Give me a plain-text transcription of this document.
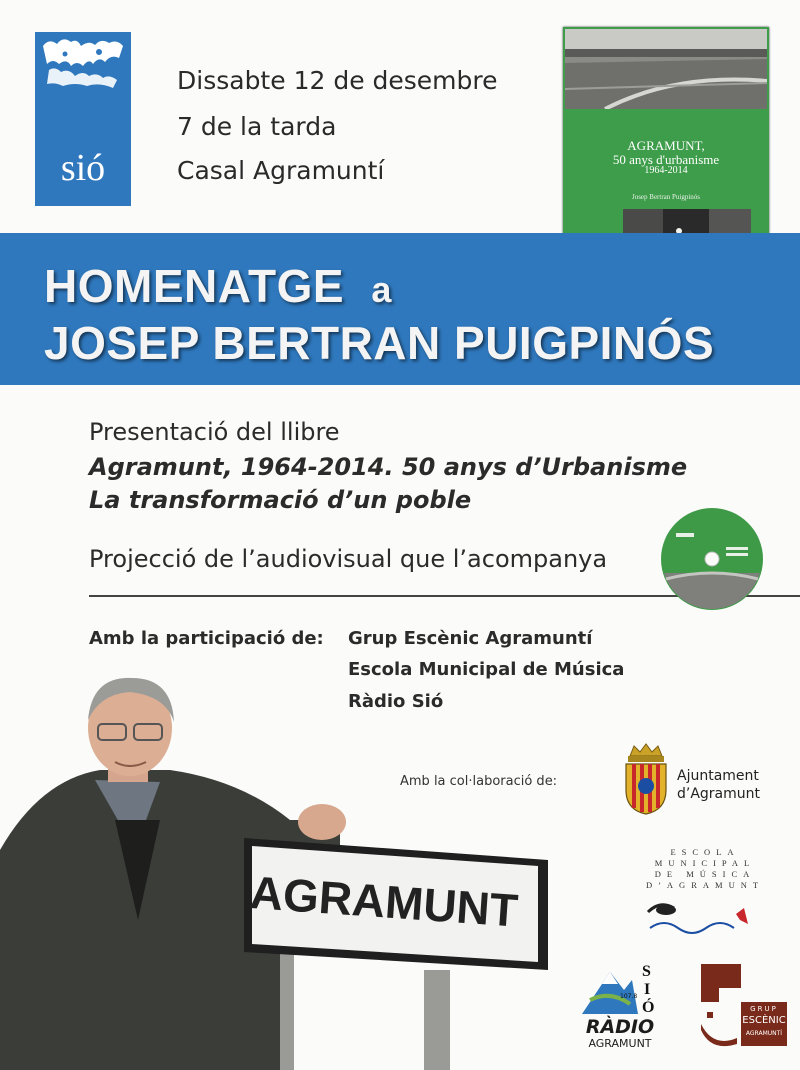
sió
Dissabte 12 de desembre
7 de la tarda
Casal Agramuntí
AGRAMUNT,
50 anys d'urbanisme
1964-2014
Josep Bertran Puigpinós
HOMENATGE a
JOSEP BERTRAN PUIGPINÓS
Presentació del llibre
Agramunt, 1964-2014. 50 anys d’Urbanisme
La transformació d’un poble
Projecció de l’audiovisual que l’acompanya
Amb la participació de: Grup Escènic Agramuntí
Escola Municipal de Música
Ràdio Sió
Amb la col·laboració de:	Ajuntament
d’Agramunt
ESCOLA
MUNICIPAL
DE MÚSICA
D’AGRAMUNT
S
I
Ó
107.8
RÀDIO
AGRAMUNT
GRUP
ESCÈNIC
AGRAMUNTÍ
AGRAMUNT
